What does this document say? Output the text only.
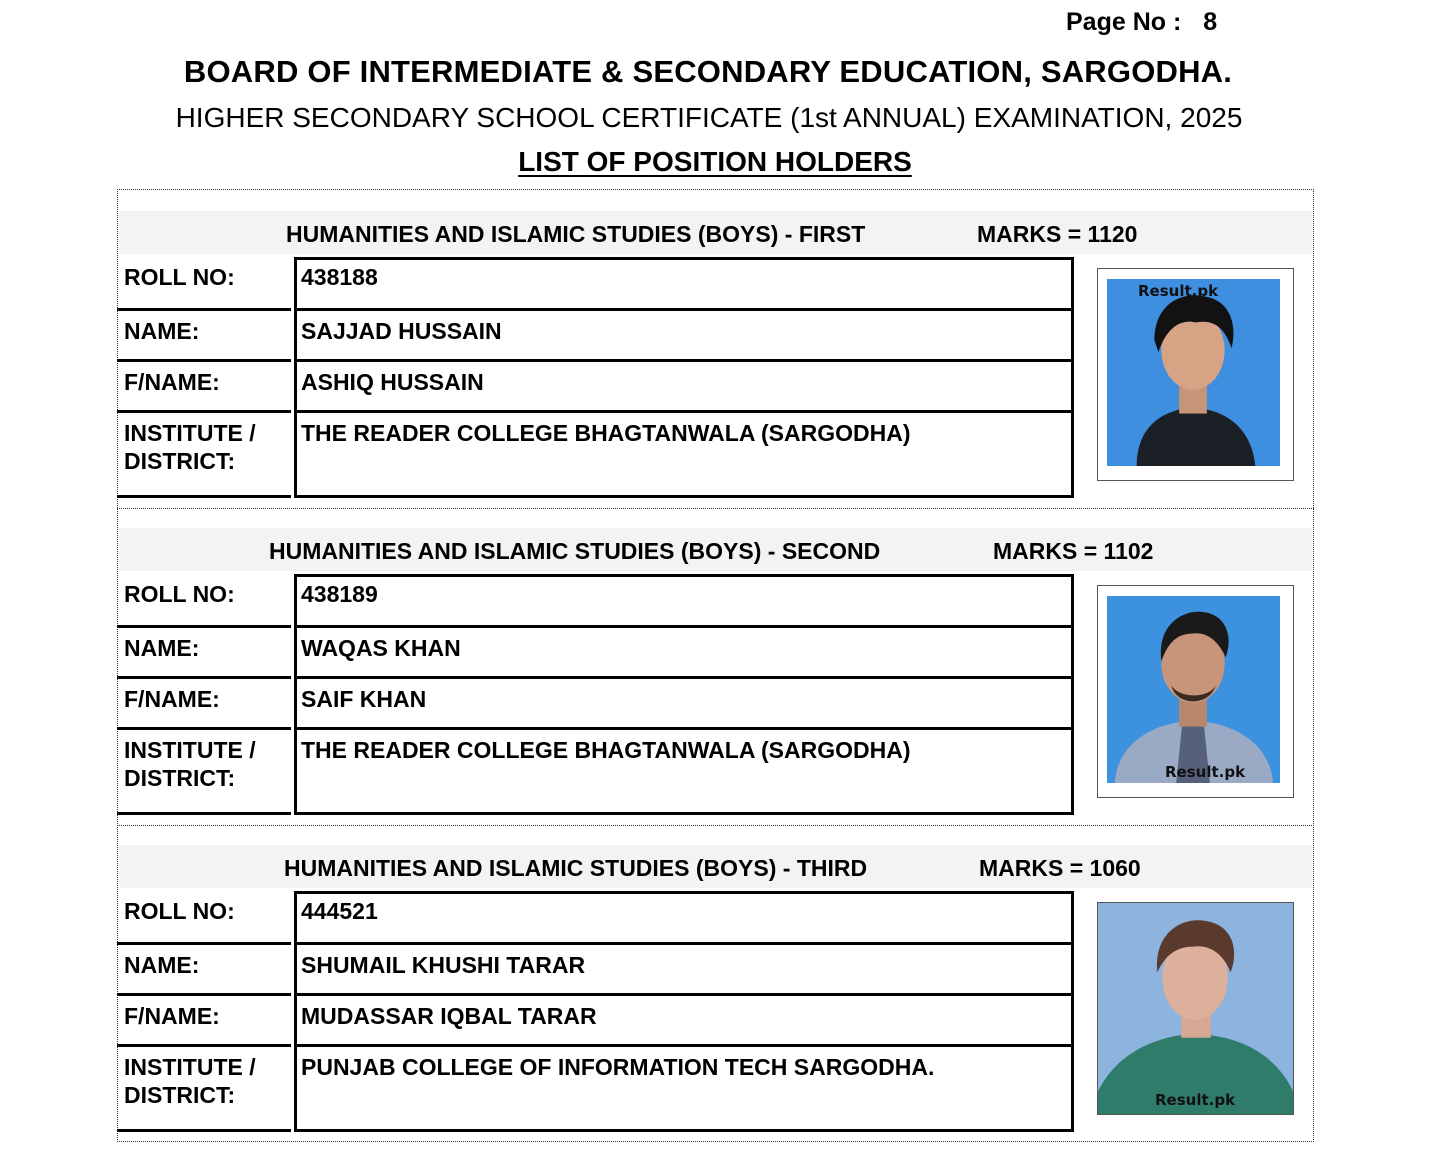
Page No : 8
BOARD OF INTERMEDIATE & SECONDARY EDUCATION, SARGODHA.
HIGHER SECONDARY SCHOOL CERTIFICATE (1st ANNUAL) EXAMINATION, 2025
LIST OF POSITION HOLDERS
HUMANITIES AND ISLAMIC STUDIES (BOYS) - FIRST	MARKS = 1120
ROLL NO:	438188
NAME:	SAJJAD HUSSAIN
F/NAME:	ASHIQ HUSSAIN
INSTITUTE /
DISTRICT:
THE READER COLLEGE BHAGTANWALA (SARGODHA)
Result.pk
HUMANITIES AND ISLAMIC STUDIES (BOYS) - SECOND	MARKS = 1102
ROLL NO:	438189
NAME:	WAQAS KHAN
F/NAME:	SAIF KHAN
INSTITUTE /
DISTRICT:
THE READER COLLEGE BHAGTANWALA (SARGODHA)
Result.pk
HUMANITIES AND ISLAMIC STUDIES (BOYS) - THIRD	MARKS = 1060
ROLL NO:	444521
NAME:	SHUMAIL KHUSHI TARAR
F/NAME:	MUDASSAR IQBAL TARAR
INSTITUTE /
DISTRICT:
PUNJAB COLLEGE OF INFORMATION TECH SARGODHA.
Result.pk
